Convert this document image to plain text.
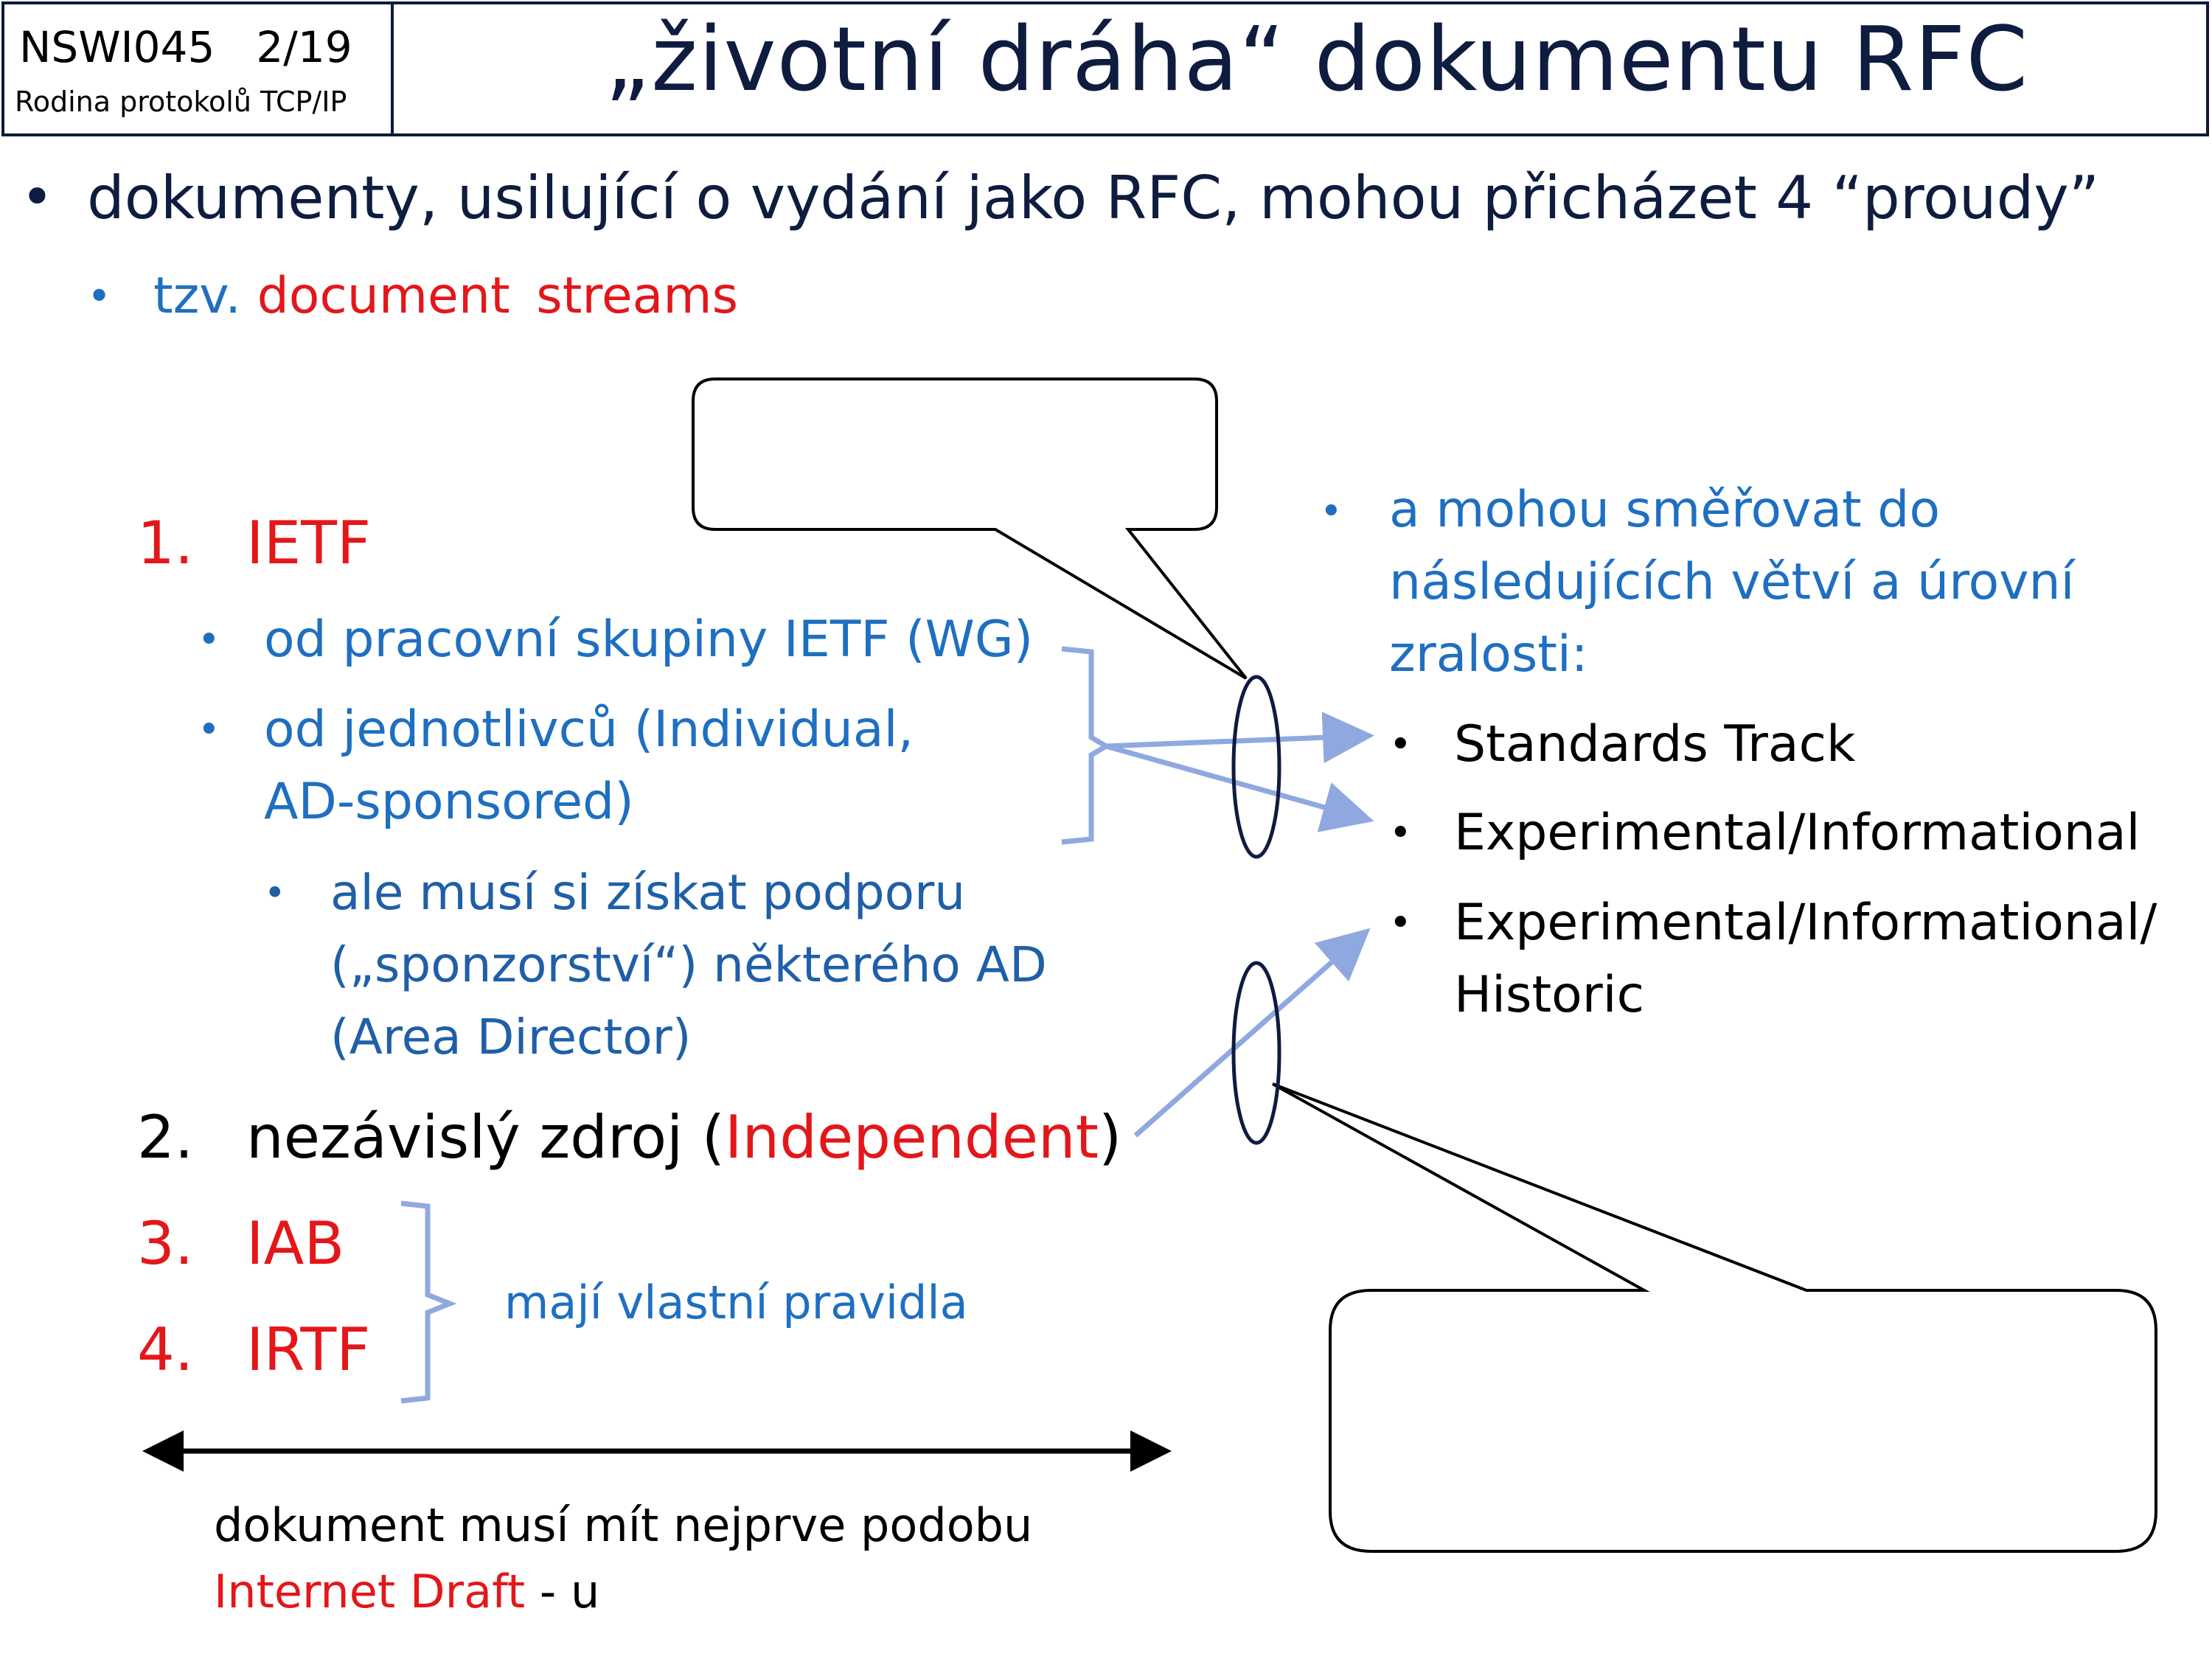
NSWI045 2/19
Rodina protokolů TCP/IP	„životní dráha“ dokumentu RFC
• dokumenty, usilující o vydání jako RFC, mohou přicházet 4 “proudy”
• tzv. document streams
1. IETF
• od pracovní skupiny IETF (WG)
• od jednotlivců (Individual,
AD-sponsored)
• ale musí si získat podporu
(„sponzorství“) některého AD
(Area Director)
2. nezávislý zdroj (Independent)
3. IAB
4. IRTF
mají vlastní pravidla
• a mohou směřovat do
následujících větví a úrovní
zralosti:
• Standards Track
• Experimental/Informational
• Experimental/Informational/
Historic
dokument musí mít nejprve podobu
Internet Draft - u
